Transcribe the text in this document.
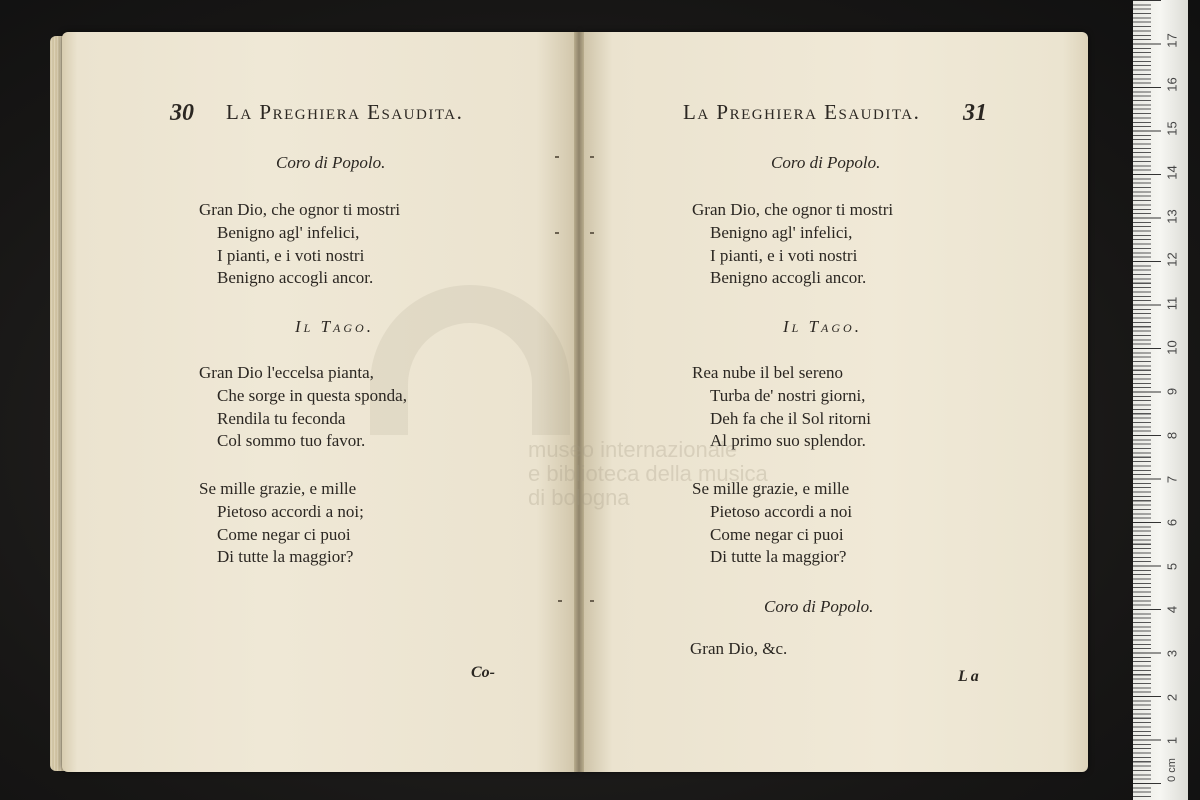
museo internazionale
e biblioteca della musica
di bologna
30 La Preghiera Esaudita.
Coro di Popolo.
Gran Dio, che ognor ti mostri
Benigno agl' infelici,
I pianti, e i voti nostri
Benigno accogli ancor.
Il Tago.
Gran Dio l'eccelsa pianta,
Che sorge in questa sponda,
Rendila tu feconda
Col sommo tuo favor.
Se mille grazie, e mille
Pietoso accordi a noi;
Come negar ci puoi
Di tutte la maggior?
Co-
La Preghiera Esaudita. 31
Coro di Popolo.
Gran Dio, che ognor ti mostri
Benigno agl' infelici,
I pianti, e i voti nostri
Benigno accogli ancor.
Il Tago.
Rea nube il bel sereno
Turba de' nostri giorni,
Deh fa che il Sol ritorni
Al primo suo splendor.
Se mille grazie, e mille
Pietoso accordi a noi
Come negar ci puoi
Di tutte la maggior?
Coro di Popolo.
Gran Dio, &c.
La
0 cm
1
2
3
4
5
6
7
8
9
10
11
12
13
14
15
16
17
